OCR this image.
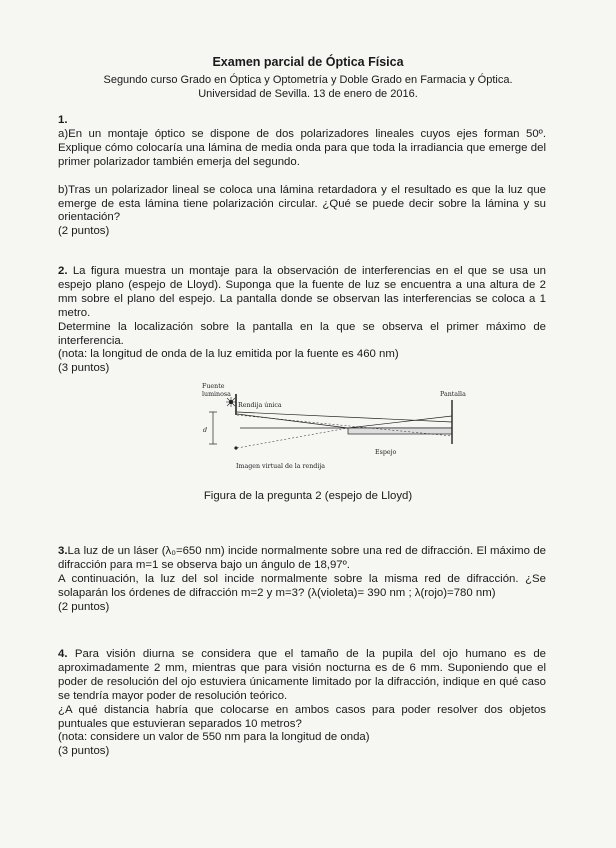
Examen parcial de Óptica Física
Segundo curso Grado en Óptica y Optometría y Doble Grado en Farmacia y Óptica.
Universidad de Sevilla. 13 de enero de 2016.

1.

a)En un montaje óptico se dispone de dos polarizadores lineales cuyos ejes forman 50º. Explique cómo colocaría una lámina de media onda para que toda la irradiancia que emerge del primer polarizador también emerja del segundo.

b)Tras un polarizador lineal se coloca una lámina retardadora y el resultado es que la luz que emerge de esta lámina tiene polarización circular. ¿Qué se puede decir sobre la lámina y su orientación?

(2 puntos)

2. La figura muestra un montaje para la observación de interferencias en el que se usa un espejo plano (espejo de Lloyd). Suponga que la fuente de luz se encuentra a una altura de 2 mm sobre el plano del espejo. La pantalla donde se observan las interferencias se coloca a 1 metro.

Determine la localización sobre la pantalla en la que se observa el primer máximo de interferencia.

(nota: la longitud de onda de la luz emitida por la fuente es 460 nm)

(3 puntos)

Fuente
luminosa
Rendija única
Pantalla
d
Espejo
Imagen virtual de la rendija
Figura de la pregunta 2 (espejo de Lloyd)

3.La luz de un láser (λ₀=650 nm) incide normalmente sobre una red de difracción. El máximo de difracción para m=1 se observa bajo un ángulo de 18,97º.

A continuación, la luz del sol incide normalmente sobre la misma red de difracción. ¿Se solaparán los órdenes de difracción m=2 y m=3? (λ(violeta)= 390 nm ; λ(rojo)=780 nm)

(2 puntos)

4. Para visión diurna se considera que el tamaño de la pupila del ojo humano es de aproximadamente 2 mm, mientras que para visión nocturna es de 6 mm. Suponiendo que el poder de resolución del ojo estuviera únicamente limitado por la difracción, indique en qué caso se tendría mayor poder de resolución teórico.

¿A qué distancia habría que colocarse en ambos casos para poder resolver dos objetos puntuales que estuvieran separados 10 metros?

(nota: considere un valor de 550 nm para la longitud de onda)

(3 puntos)
